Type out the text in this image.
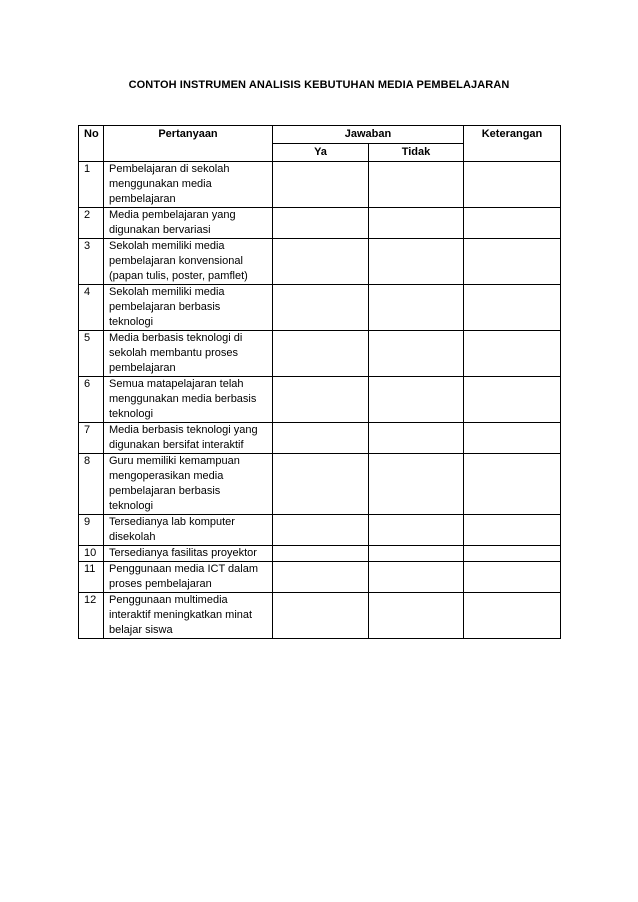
CONTOH INSTRUMEN ANALISIS KEBUTUHAN MEDIA PEMBELAJARAN
No	Pertanyaan	Jawaban		Keterangan
		Ya	Tidak	
1	Pembelajaran di sekolah
menggunakan media
pembelajaran			

2	Media pembelajaran yang
digunakan bervariasi			

3	Sekolah memiliki media
pembelajaran konvensional
(papan tulis, poster, pamflet)			

4	Sekolah memiliki media
pembelajaran berbasis teknologi			

5	Media berbasis teknologi di
sekolah membantu proses
pembelajaran			

6	Semua matapelajaran telah
menggunakan media berbasis
teknologi			

7	Media berbasis teknologi yang
digunakan bersifat interaktif			

8	Guru memiliki kemampuan
mengoperasikan media
pembelajaran berbasis teknologi			

9	Tersedianya lab komputer
disekolah			

10	Tersedianya fasilitas proyektor			

11	Penggunaan media ICT dalam
proses pembelajaran			

12	Penggunaan multimedia
interaktif meningkatkan minat
belajar siswa			
